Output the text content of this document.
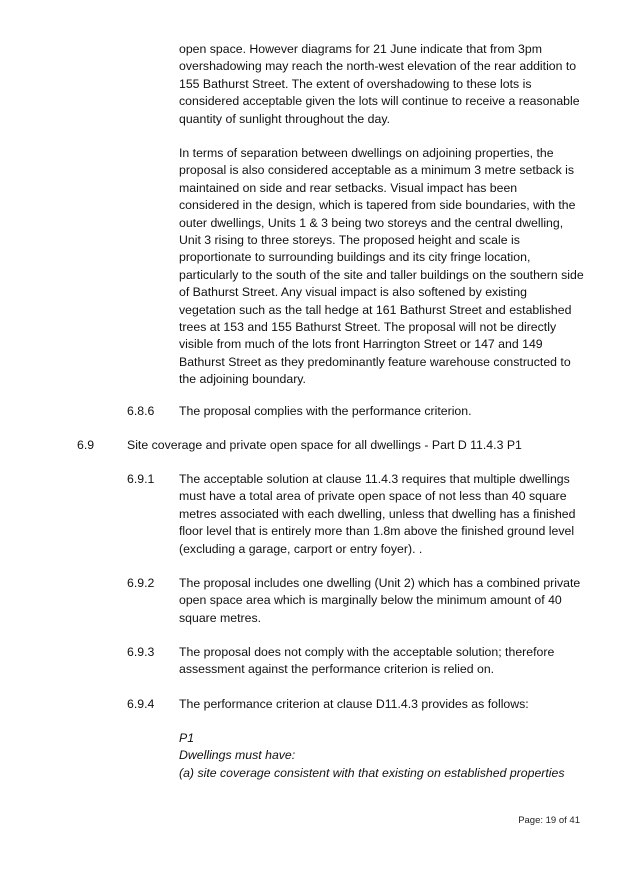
open space. However diagrams for 21 June indicate that from 3pm
overshadowing may reach the north-west elevation of the rear addition to
155 Bathurst Street. The extent of overshadowing to these lots is
considered acceptable given the lots will continue to receive a reasonable
quantity of sunlight throughout the day.

In terms of separation between dwellings on adjoining properties, the
proposal is also considered acceptable as a minimum 3 metre setback is
maintained on side and rear setbacks. Visual impact has been
considered in the design, which is tapered from side boundaries, with the
outer dwellings, Units 1 & 3 being two storeys and the central dwelling,
Unit 3 rising to three storeys. The proposed height and scale is
proportionate to surrounding buildings and its city fringe location,
particularly to the south of the site and taller buildings on the southern side
of Bathurst Street. Any visual impact is also softened by existing
vegetation such as the tall hedge at 161 Bathurst Street and established
trees at 153 and 155 Bathurst Street. The proposal will not be directly
visible from much of the lots front Harrington Street or 147 and 149
Bathurst Street as they predominantly feature warehouse constructed to
the adjoining boundary.

6.8.6 The proposal complies with the performance criterion.

6.9	Site coverage and private open space for all dwellings - Part D 11.4.3 P1

6.9.1 The acceptable solution at clause 11.4.3 requires that multiple dwellings
must have a total area of private open space of not less than 40 square
metres associated with each dwelling, unless that dwelling has a finished
floor level that is entirely more than 1.8m above the finished ground level
(excluding a garage, carport or entry foyer). .

6.9.2 The proposal includes one dwelling (Unit 2) which has a combined private
open space area which is marginally below the minimum amount of 40
square metres.

6.9.3 The proposal does not comply with the acceptable solution; therefore
assessment against the performance criterion is relied on.

6.9.4 The performance criterion at clause D11.4.3 provides as follows:

P1
Dwellings must have:
(a) site coverage consistent with that existing on established properties

Page: 19 of 41
